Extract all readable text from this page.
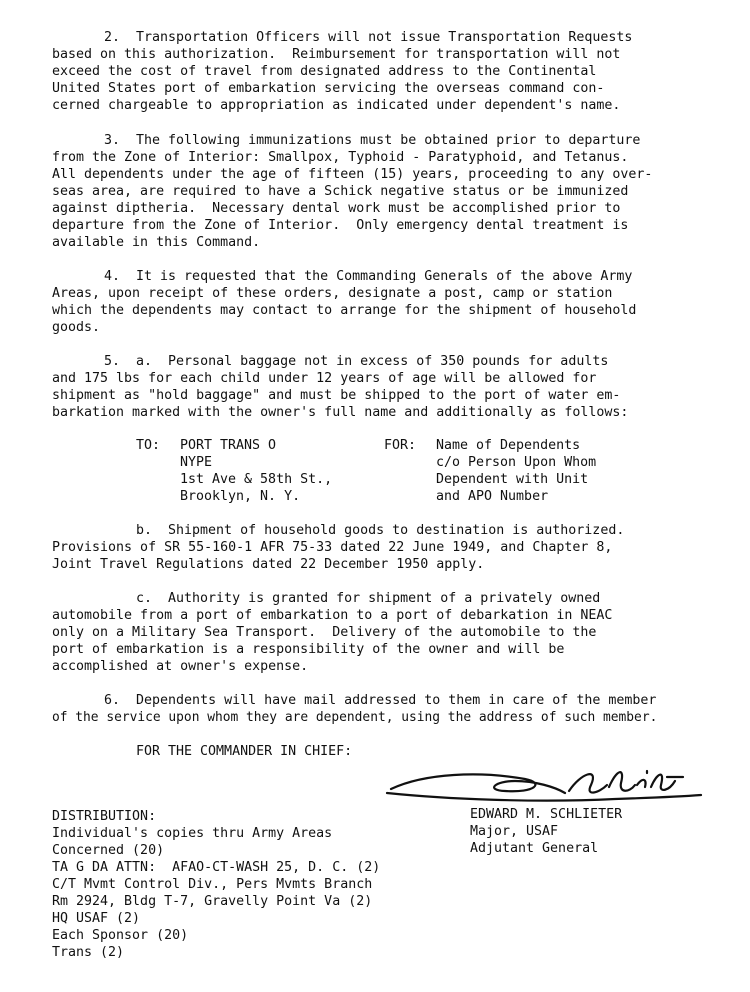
2.  Transportation Officers will not issue Transportation Requests
based on this authorization.  Reimbursement for transportation will not
exceed the cost of travel from designated address to the Continental
United States port of embarkation servicing the overseas command con-
cerned chargeable to appropriation as indicated under dependent's name.
3.  The following immunizations must be obtained prior to departure
from the Zone of Interior: Smallpox, Typhoid - Paratyphoid, and Tetanus.
All dependents under the age of fifteen (15) years, proceeding to any over-
seas area, are required to have a Schick negative status or be immunized
against diptheria.  Necessary dental work must be accomplished prior to
departure from the Zone of Interior.  Only emergency dental treatment is
available in this Command.
4.  It is requested that the Commanding Generals of the above Army
Areas, upon receipt of these orders, designate a post, camp or station
which the dependents may contact to arrange for the shipment of household
goods.
5.  a.  Personal baggage not in excess of 350 pounds for adults
and 175 lbs for each child under 12 years of age will be allowed for
shipment as "hold baggage" and must be shipped to the port of water em-
barkation marked with the owner's full name and additionally as follows:
TO: PORT TRANS O
NYPE
1st Ave & 58th St.,
Brooklyn, N. Y.
FOR: Name of Dependents
c/o Person Upon Whom
Dependent with Unit
and APO Number
b.  Shipment of household goods to destination is authorized.
Provisions of SR 55-160-1 AFR 75-33 dated 22 June 1949, and Chapter 8,
Joint Travel Regulations dated 22 December 1950 apply.
c.  Authority is granted for shipment of a privately owned
automobile from a port of embarkation to a port of debarkation in NEAC
only on a Military Sea Transport.  Delivery of the automobile to the
port of embarkation is a responsibility of the owner and will be
accomplished at owner's expense.
6.  Dependents will have mail addressed to them in care of the member
of the service upon whom they are dependent, using the address of such member.
FOR THE COMMANDER IN CHIEF:
EDWARD M. SCHLIETER
Major, USAF
Adjutant General
DISTRIBUTION:
Individual's copies thru Army Areas
Concerned (20)
TA G DA ATTN:  AFAO-CT-WASH 25, D. C. (2)
C/T Mvmt Control Div., Pers Mvmts Branch
Rm 2924, Bldg T-7, Gravelly Point Va (2)
HQ USAF (2)
Each Sponsor (20)
Trans (2)
